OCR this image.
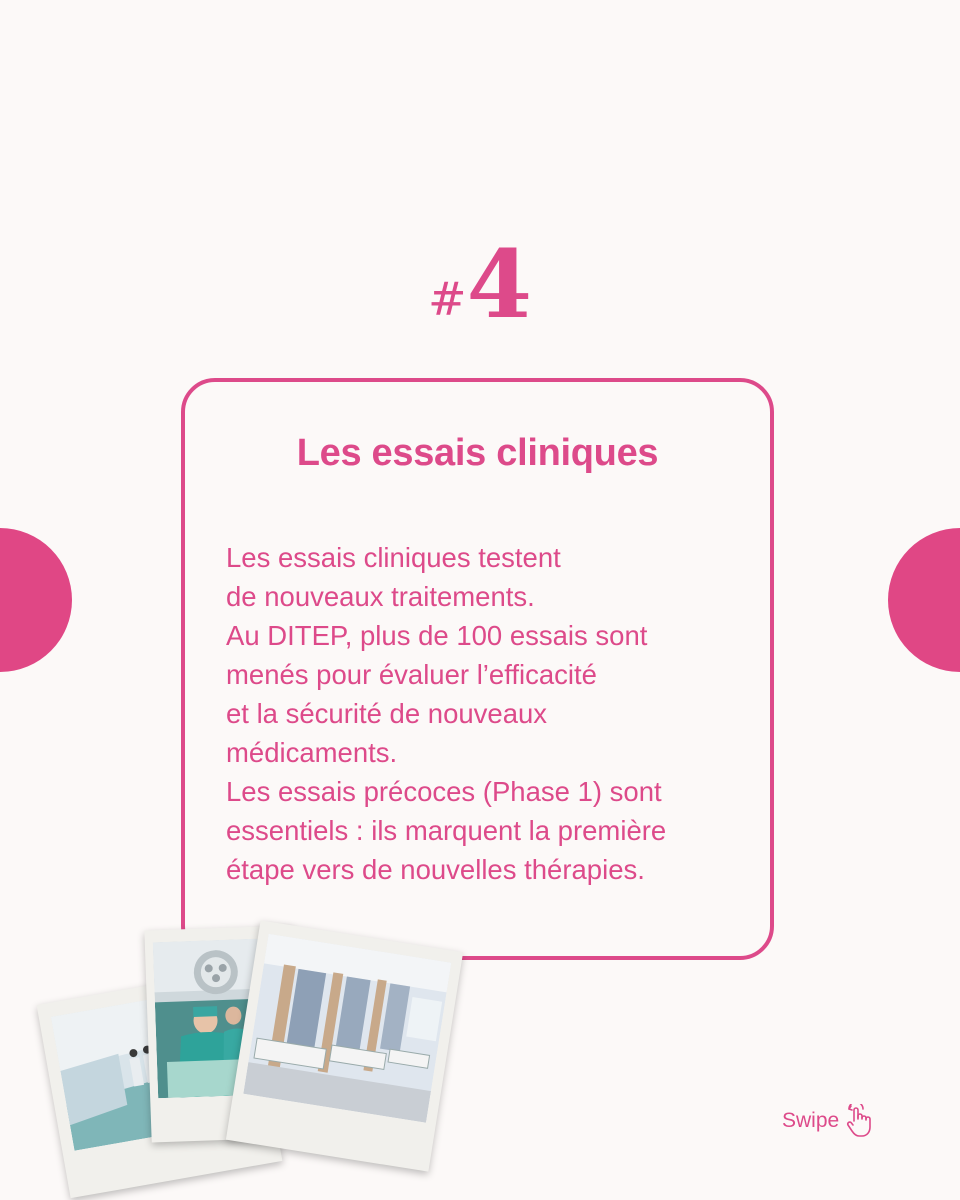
#4
Les essais cliniques
Les essais cliniques testent
de nouveaux traitements.
Au DITEP, plus de 100 essais sont
menés pour évaluer l’efficacité
et la sécurité de nouveaux
médicaments.
Les essais précoces (Phase 1) sont
essentiels : ils marquent la première
étape vers de nouvelles thérapies.
Swipe
